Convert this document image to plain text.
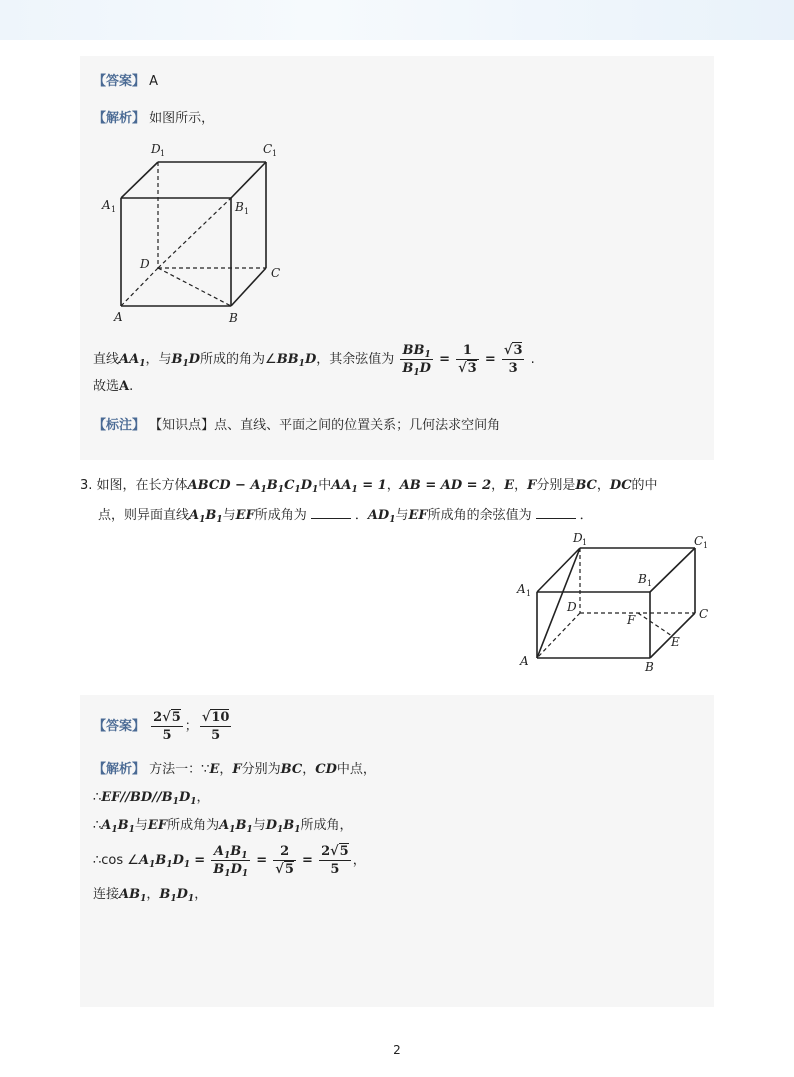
【答案】 A
【解析】 如图所示，
D 1	C 1
A 1	B 1
D
C
A	B
直线$AA_1$，与$B_1D$所成的角为$\angle BB_1D$，其余弦值为 $\frac{BB_1}{B_1D} = \frac{1}{√3} = \frac{√3}{3}$ .
故选A.
【标注】 【知识点】点、直线、平面之间的位置关系；几何法求空间角
3. 如图，在长方体ABCD − $A_1B_1C_1D_1$中$AA_1 = 1$，AB = AD = 2，E，F分别是BC，DC的中
点，则异面直线$A_1B_1$与EF所成角为	．$AD_1$与EF所成角的余弦值为	．
D 1	C 1
A 1
B 1
D	C
A	B
F
E
【答案】 $\frac{2√5}{5}$ ； $\frac{√10}{5}$
【解析】 方法一：∵E，F分别为BC，CD中点，
$\therefore EF//BD//B_1D_1$，
$\therefore A_1B_1$与EF所成角为$A_1B_1$与$D_1B_1$所成角，
∴cos $\angle A_1B_1D_1 = \frac{A_1B_1}{B_1D_1} = \frac{2}{√5} = \frac{2√5}{5}$ ，
连接$AB_1$，$B_1D_1$，
2
